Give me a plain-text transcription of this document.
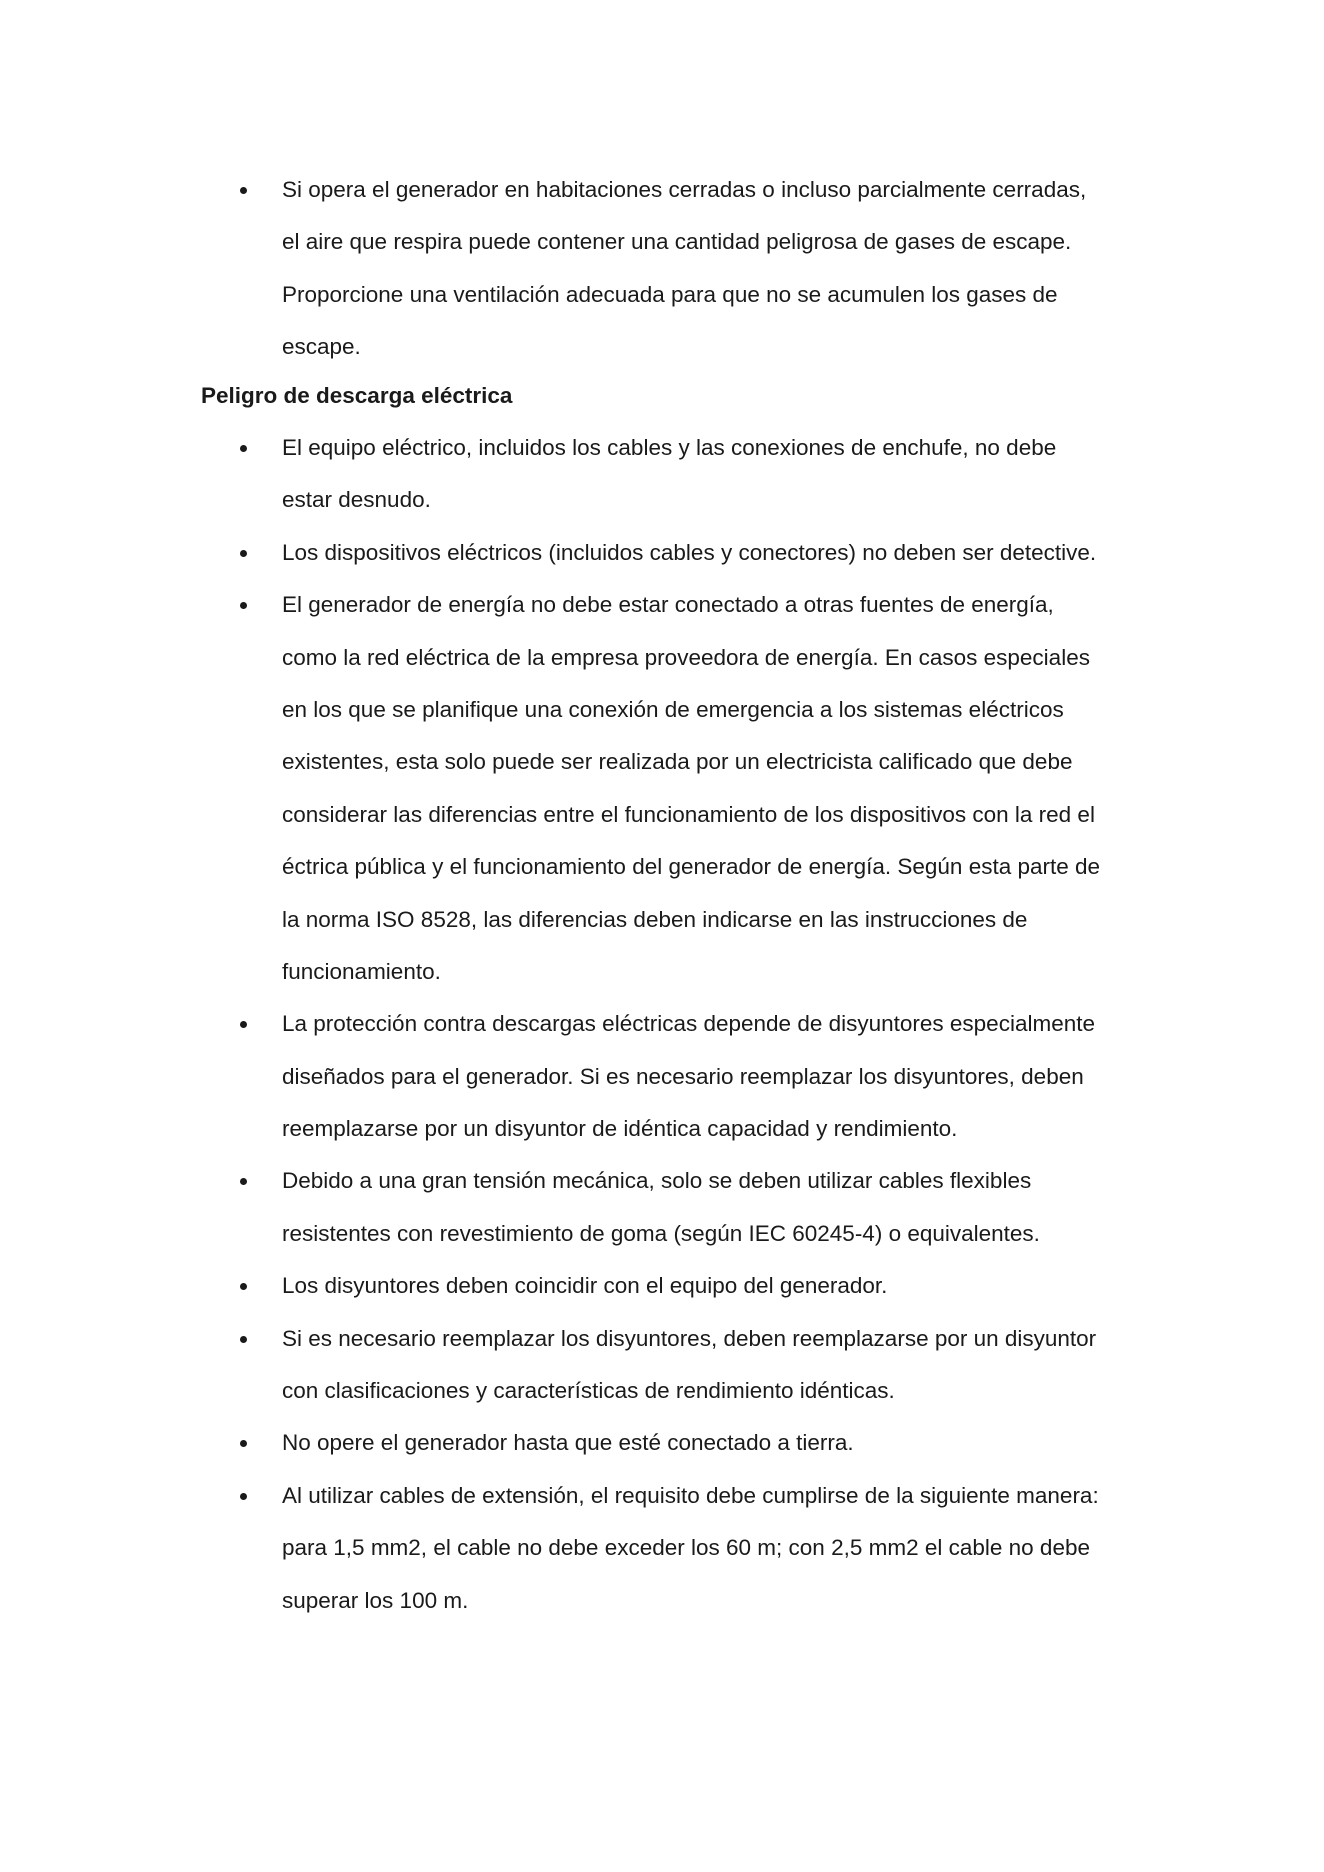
Si opera el generador en habitaciones cerradas o incluso parcialmente cerradas,
el aire que respira puede contener una cantidad peligrosa de gases de escape.
Proporcione una ventilación adecuada para que no se acumulen los gases de
escape.
Peligro de descarga eléctrica
El equipo eléctrico, incluidos los cables y las conexiones de enchufe, no debe
estar desnudo.
Los dispositivos eléctricos (incluidos cables y conectores) no deben ser detective.
El generador de energía no debe estar conectado a otras fuentes de energía,
como la red eléctrica de la empresa proveedora de energía. En casos especiales
en los que se planifique una conexión de emergencia a los sistemas eléctricos
existentes, esta solo puede ser realizada por un electricista calificado que debe
considerar las diferencias entre el funcionamiento de los dispositivos con la red el
éctrica pública y el funcionamiento del generador de energía. Según esta parte de
la norma ISO 8528, las diferencias deben indicarse en las instrucciones de
funcionamiento.
La protección contra descargas eléctricas depende de disyuntores especialmente
diseñados para el generador. Si es necesario reemplazar los disyuntores, deben
reemplazarse por un disyuntor de idéntica capacidad y rendimiento.
Debido a una gran tensión mecánica, solo se deben utilizar cables flexibles
resistentes con revestimiento de goma (según IEC 60245-4) o equivalentes.
Los disyuntores deben coincidir con el equipo del generador.
Si es necesario reemplazar los disyuntores, deben reemplazarse por un disyuntor
con clasificaciones y características de rendimiento idénticas.
No opere el generador hasta que esté conectado a tierra.
Al utilizar cables de extensión, el requisito debe cumplirse de la siguiente manera:
para 1,5 mm2, el cable no debe exceder los 60 m; con 2,5 mm2 el cable no debe
superar los 100 m.
